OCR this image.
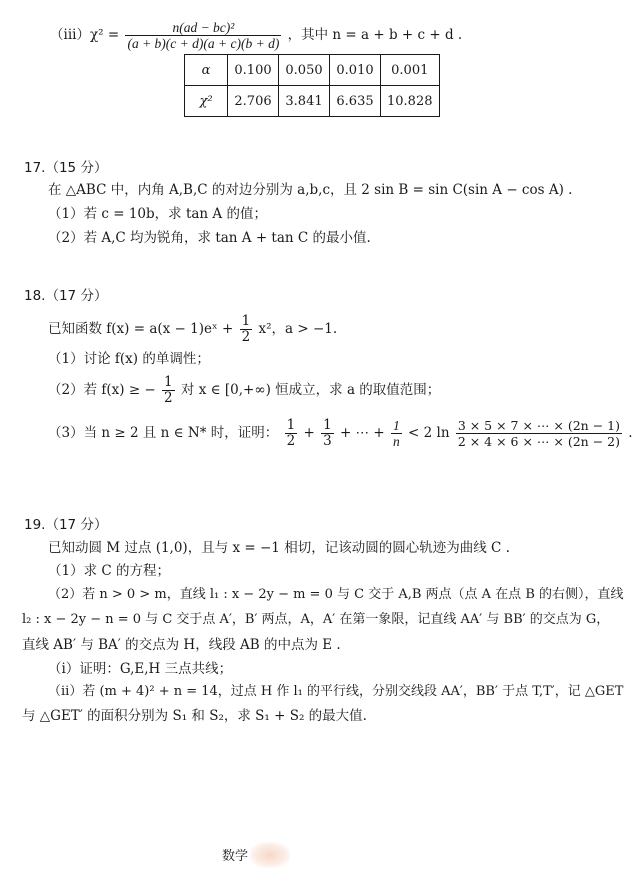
$(iii)\chi^2 = \frac{\text{n(ad − bc)²}}{(a + b)(c + d)(a + c)(b + d)}$ ，其中 n = a + b + c + d .
α	0.100	0.050	0.010	0.001
χ²	2.706	3.841	6.635	10.828
17.（15 分）
在 △ABC 中，内角 A,B,C 的对边分别为 a,b,c，且 2 sin B = sin C(sin A − cos A) .
（1）若 c = 10b，求 tan A 的值；
（2）若 A,C 均为锐角，求 tan A + tan C 的最小值.
18.（17 分）
已知函数 f(x) = a(x − 1)eˣ + $\frac{1}{2} x^2$，a > −1.
（1）讨论 f(x) 的单调性；
（2）若 f(x) ≥ − $\frac{1}{2}$ 对 x ∈ [0,+∞) 恒成立，求 a 的取值范围；
（3）当 n ≥ 2 且 n ∈ N* 时，证明： $\frac{1}{2} + \frac{1}{3}$ + ⋯ + $\frac{1}{n} < 2$ $\ln \frac{3 \times 5 \times 7 \times \cdots \times (2n - 1)}{2 \times 4 \times 6 \times \cdots \times (2n - 2)}$ .
19.（17 分）
已知动圆 M 过点 (1,0)，且与 x = −1 相切，记该动圆的圆心轨迹为曲线 C .
（1）求 C 的方程；
（2）若 n > 0 > m，直线 l₁ : x − 2y − m = 0 与 C 交于 A,B 两点（点 A 在点 B 的右侧），直线
l₂ : x − 2y − n = 0 与 C 交于点 A′，B′ 两点，A，A′ 在第一象限，记直线 AA′ 与 BB′ 的交点为 G，
直线 AB′ 与 BA′ 的交点为 H，线段 AB 的中点为 E .
（i）证明：G,E,H 三点共线；
（ii）若 (m + 4)² + n = 14，过点 H 作 l₁ 的平行线，分别交线段 AA′，BB′ 于点 T,T′，记 △GET
与 △GET′ 的面积分别为 S₁ 和 S₂，求 S₁ + S₂ 的最大值.
数学
